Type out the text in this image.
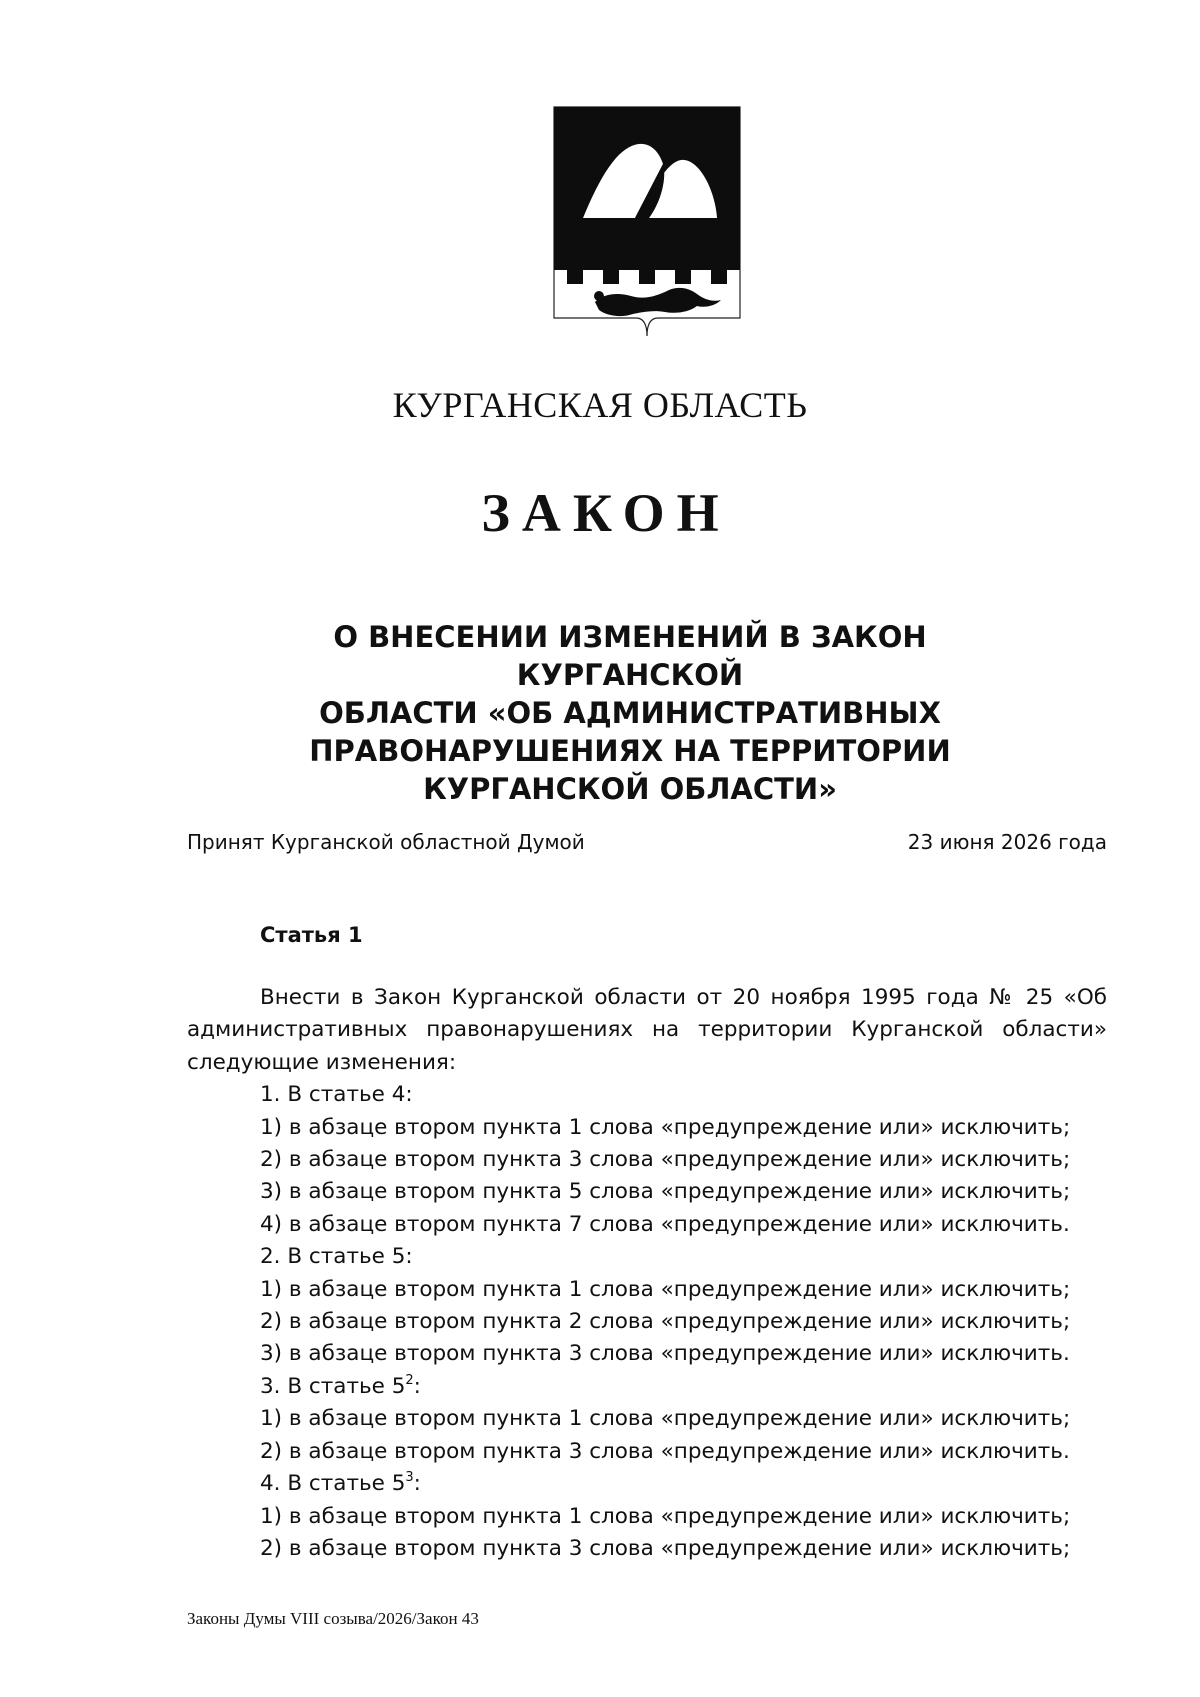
КУРГАНСКАЯ ОБЛАСТЬ
ЗАКОН
О ВНЕСЕНИИ ИЗМЕНЕНИЙ В ЗАКОН КУРГАНСКОЙ
ОБЛАСТИ «ОБ АДМИНИСТРАТИВНЫХ
ПРАВОНАРУШЕНИЯХ НА ТЕРРИТОРИИ
КУРГАНСКОЙ ОБЛАСТИ»
Принят Курганской областной Думой	23 июня 2026 года
Статья 1

Внести в Закон Курганской области от 20 ноября 1995 года № 25 «Об административных правонарушениях на территории Курганской области» следующие изменения:

1. В статье 4:

1) в абзаце втором пункта 1 слова «предупреждение или» исключить;

2) в абзаце втором пункта 3 слова «предупреждение или» исключить;

3) в абзаце втором пункта 5 слова «предупреждение или» исключить;

4) в абзаце втором пункта 7 слова «предупреждение или» исключить.

2. В статье 5:

1) в абзаце втором пункта 1 слова «предупреждение или» исключить;

2) в абзаце втором пункта 2 слова «предупреждение или» исключить;

3) в абзаце втором пункта 3 слова «предупреждение или» исключить.

3. В статье $5^2$:

1) в абзаце втором пункта 1 слова «предупреждение или» исключить;

2) в абзаце втором пункта 3 слова «предупреждение или» исключить.

4. В статье $5^3$:

1) в абзаце втором пункта 1 слова «предупреждение или» исключить;

2) в абзаце втором пункта 3 слова «предупреждение или» исключить;

Законы Думы VIII созыва/2026/Закон 43
